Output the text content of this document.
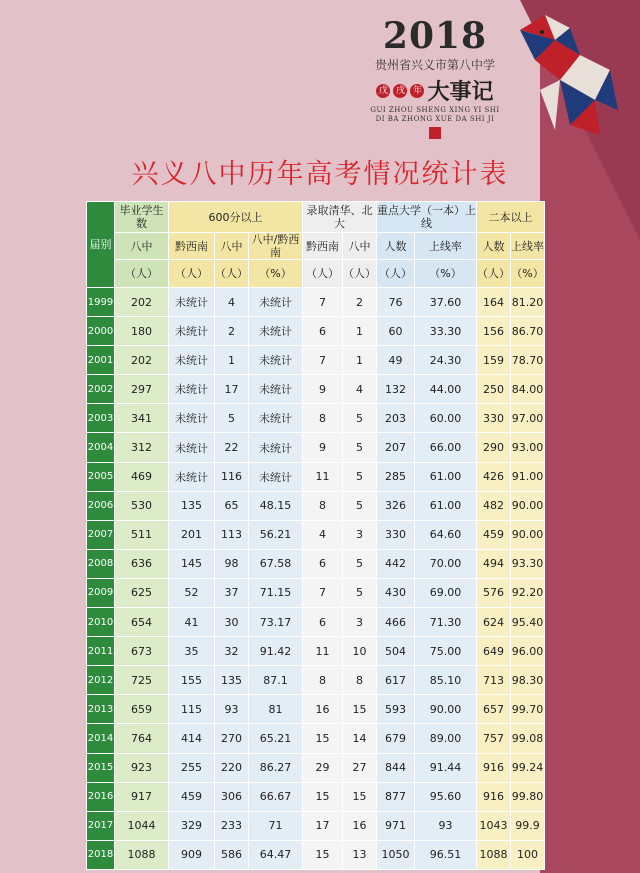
2018
贵州省兴义市第八中学
戊 戌 年 大事记
GUI ZHOU SHENG XING YI SHI
DI BA ZHONG XUE DA SHI JI
兴义八中历年高考情况统计表
届别	毕业学生数	600分以上			录取清华、北大		重点大学（一本）上线		二本以上	
	八中	黔西南	八中	八中/黔西南	黔西南	八中	人数	上线率	人数	上线率
	（人）	（人）	（人）	（%）	（人）	（人）	（人）	（%）	（人）	（%）
1999	202	未统计	4	未统计	7	2	76	37.60	164	81.20
2000	180	未统计	2	未统计	6	1	60	33.30	156	86.70
2001	202	未统计	1	未统计	7	1	49	24.30	159	78.70
2002	297	未统计	17	未统计	9	4	132	44.00	250	84.00
2003	341	未统计	5	未统计	8	5	203	60.00	330	97.00
2004	312	未统计	22	未统计	9	5	207	66.00	290	93.00
2005	469	未统计	116	未统计	11	5	285	61.00	426	91.00
2006	530	135	65	48.15	8	5	326	61.00	482	90.00
2007	511	201	113	56.21	4	3	330	64.60	459	90.00
2008	636	145	98	67.58	6	5	442	70.00	494	93.30
2009	625	52	37	71.15	7	5	430	69.00	576	92.20
2010	654	41	30	73.17	6	3	466	71.30	624	95.40
2011	673	35	32	91.42	11	10	504	75.00	649	96.00
2012	725	155	135	87.1	8	8	617	85.10	713	98.30
2013	659	115	93	81	16	15	593	90.00	657	99.70
2014	764	414	270	65.21	15	14	679	89.00	757	99.08
2015	923	255	220	86.27	29	27	844	91.44	916	99.24
2016	917	459	306	66.67	15	15	877	95.60	916	99.80
2017	1044	329	233	71	17	16	971	93	1043	99.9
2018	1088	909	586	64.47	15	13	1050	96.51	1088	100
